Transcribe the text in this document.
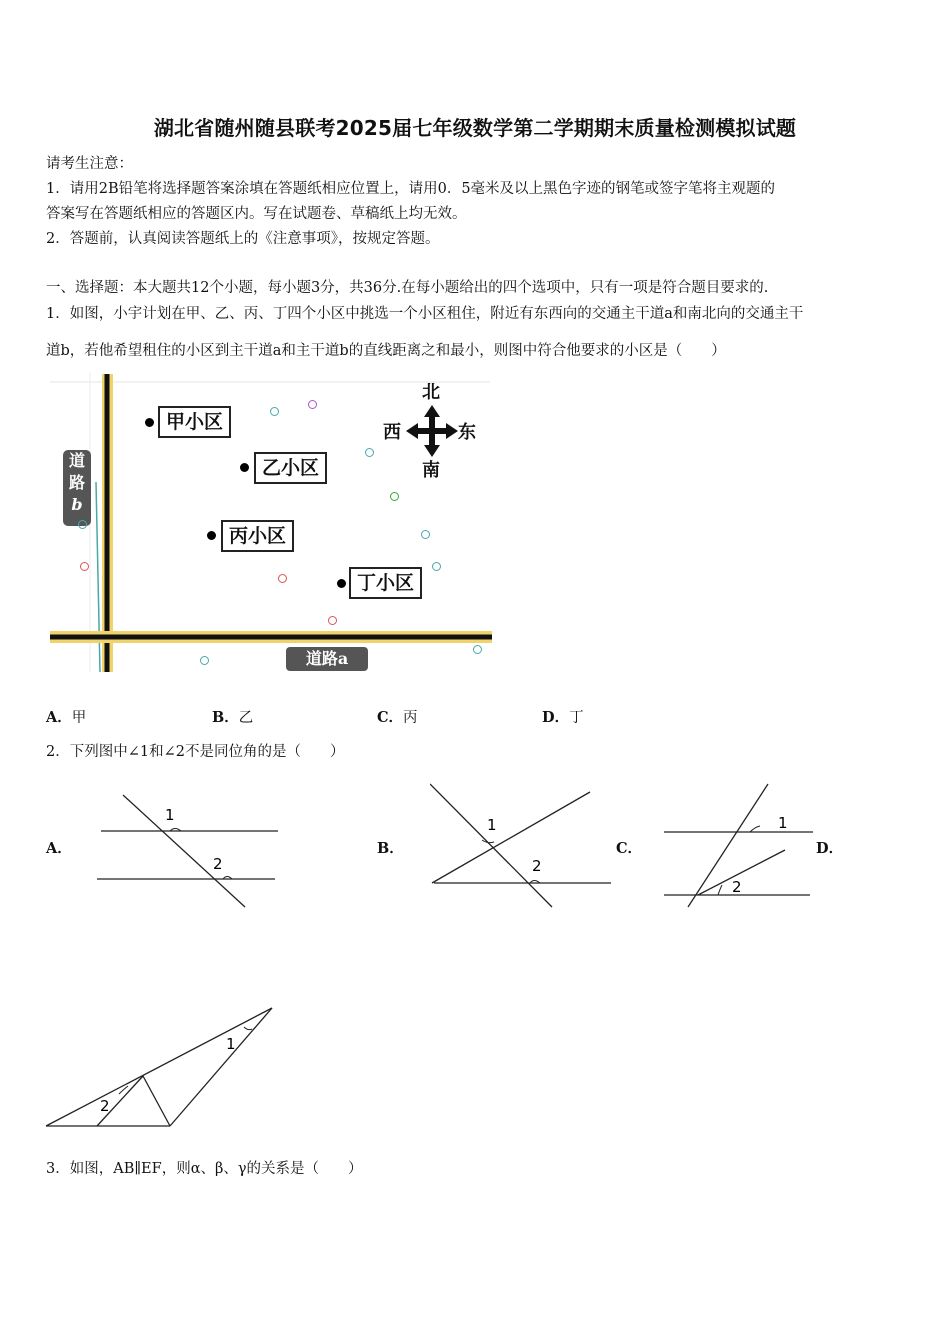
湖北省随州随县联考2025届七年级数学第二学期期末质量检测模拟试题
请考生注意：
1．请用2B铅笔将选择题答案涂填在答题纸相应位置上，请用0．5毫米及以上黑色字迹的钢笔或签字笔将主观题的
答案写在答题纸相应的答题区内。写在试题卷、草稿纸上均无效。
2．答题前，认真阅读答题纸上的《注意事项》，按规定答题。
一、选择题：本大题共12个小题，每小题3分，共36分.在每小题给出的四个选项中，只有一项是符合题目要求的.
1．如图，小宇计划在甲、乙、丙、丁四个小区中挑选一个小区租住，附近有东西向的交通主干道a和南北向的交通主干
道b，若他希望租住的小区到主干道a和主干道b的直线距离之和最小，则图中符合他要求的小区是（　　）
道
路
b
道路a
甲小区
乙小区
丙小区
丁小区
北
南
西	东
A．甲	B．乙	C．丙	D．丁
2．下列图中∠1和∠2不是同位角的是（　　）
A．	B．	C．	D．
1
2
1
2
1
2
1
2
3．如图，AB∥EF，则α、β、γ的关系是（　　）
